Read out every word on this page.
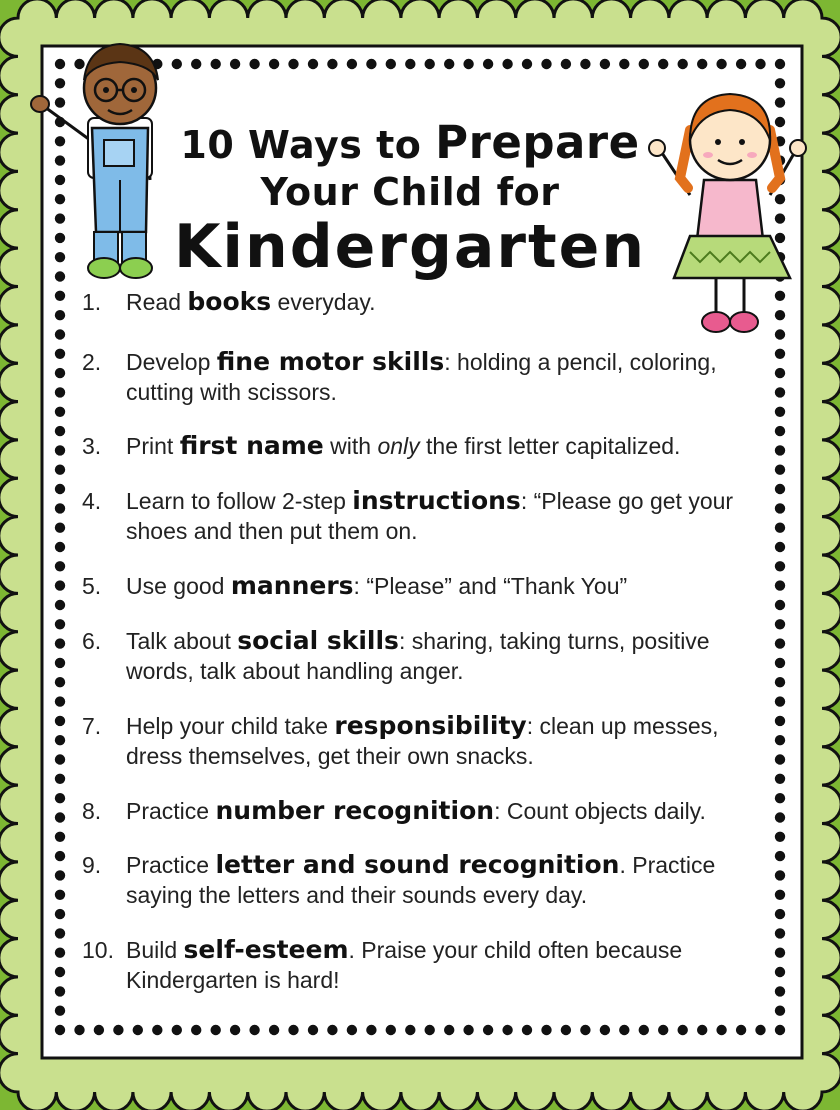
10 Ways to Prepare
Your Child for
Kindergarten
1.	Read books everyday.
2.	Develop fine motor skills: holding a pencil, coloring, cutting with scissors.
3.	Print first name with only the first letter capitalized.
4.	Learn to follow 2-step instructions: “Please go get your shoes and then put them on.
5.	Use good manners: “Please” and “Thank You”
6.	Talk about social skills: sharing, taking turns, positive words, talk about handling anger.
7.	Help your child take responsibility: clean up messes, dress themselves, get their own snacks.
8.	Practice number recognition: Count objects daily.
9.	Practice letter and sound recognition. Practice saying the letters and their sounds every day.
10. Build self-esteem. Praise your child often because Kindergarten is hard!
